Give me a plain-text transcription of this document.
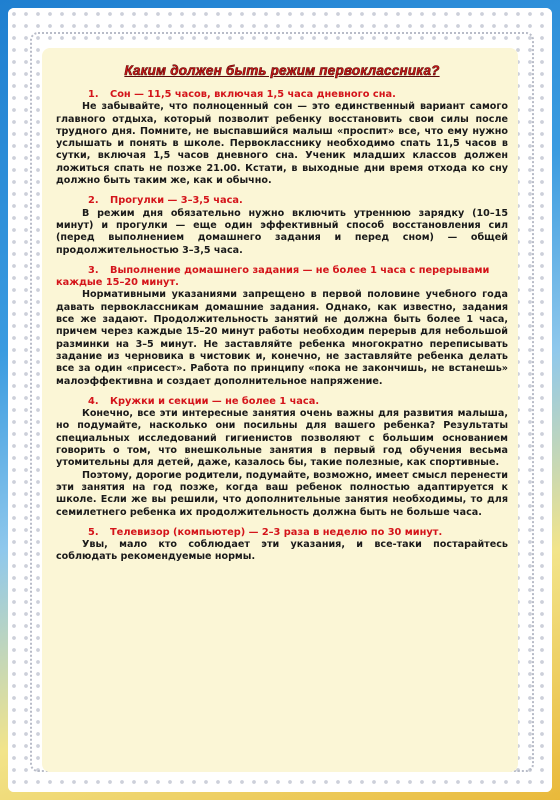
Каким должен быть режим первоклассника?
1. Сон — 11,5 часов, включая 1,5 часа дневного сна.

Не забывайте, что полноценный сон — это единственный вариант самого главного отдыха, который позволит ребенку восстановить свои силы после трудного дня. Помните, не выспавшийся малыш «проспит» все, что ему нужно услышать и понять в школе. Первокласснику необходимо спать 11,5 часов в сутки, включая 1,5 часов дневного сна. Ученик младших классов должен ложиться спать не позже 21.00. Кстати, в выходные дни время отхода ко сну должно быть таким же, как и обычно.

2. Прогулки — 3–3,5 часа.

В режим дня обязательно нужно включить утреннюю зарядку (10–15 минут) и прогулки — еще один эффективный способ восстановления сил (перед выполнением домашнего задания и перед сном) — общей продолжительностью 3–3,5 часа.

3. Выполнение домашнего задания — не более 1 часа с перерывами каждые 15–20 минут.

Нормативными указаниями запрещено в первой половине учебного года давать первоклассникам домашние задания. Однако, как известно, задания все же задают. Продолжительность занятий не должна быть более 1 часа, причем через каждые 15–20 минут работы необходим перерыв для небольшой разминки на 3–5 минут. Не заставляйте ребенка многократно переписывать задание из черновика в чистовик и, конечно, не заставляйте ребенка делать все за один «присест». Работа по принципу «пока не закончишь, не встанешь» малоэффективна и создает дополнительное напряжение.

4. Кружки и секции — не более 1 часа.

Конечно, все эти интересные занятия очень важны для развития малыша, но подумайте, насколько они посильны для вашего ребенка? Результаты специальных исследований гигиенистов позволяют с большим основанием говорить о том, что внешкольные занятия в первый год обучения весьма утомительны для детей, даже, казалось бы, такие полезные, как спортивные.

Поэтому, дорогие родители, подумайте, возможно, имеет смысл перенести эти занятия на год позже, когда ваш ребенок полностью адаптируется к школе. Если же вы решили, что дополнительные занятия необходимы, то для семилетнего ребенка их продолжительность должна быть не больше часа.

5. Телевизор (компьютер) — 2–3 раза в неделю по 30 минут.

Увы, мало кто соблюдает эти указания, и все-таки постарайтесь соблюдать рекомендуемые нормы.
